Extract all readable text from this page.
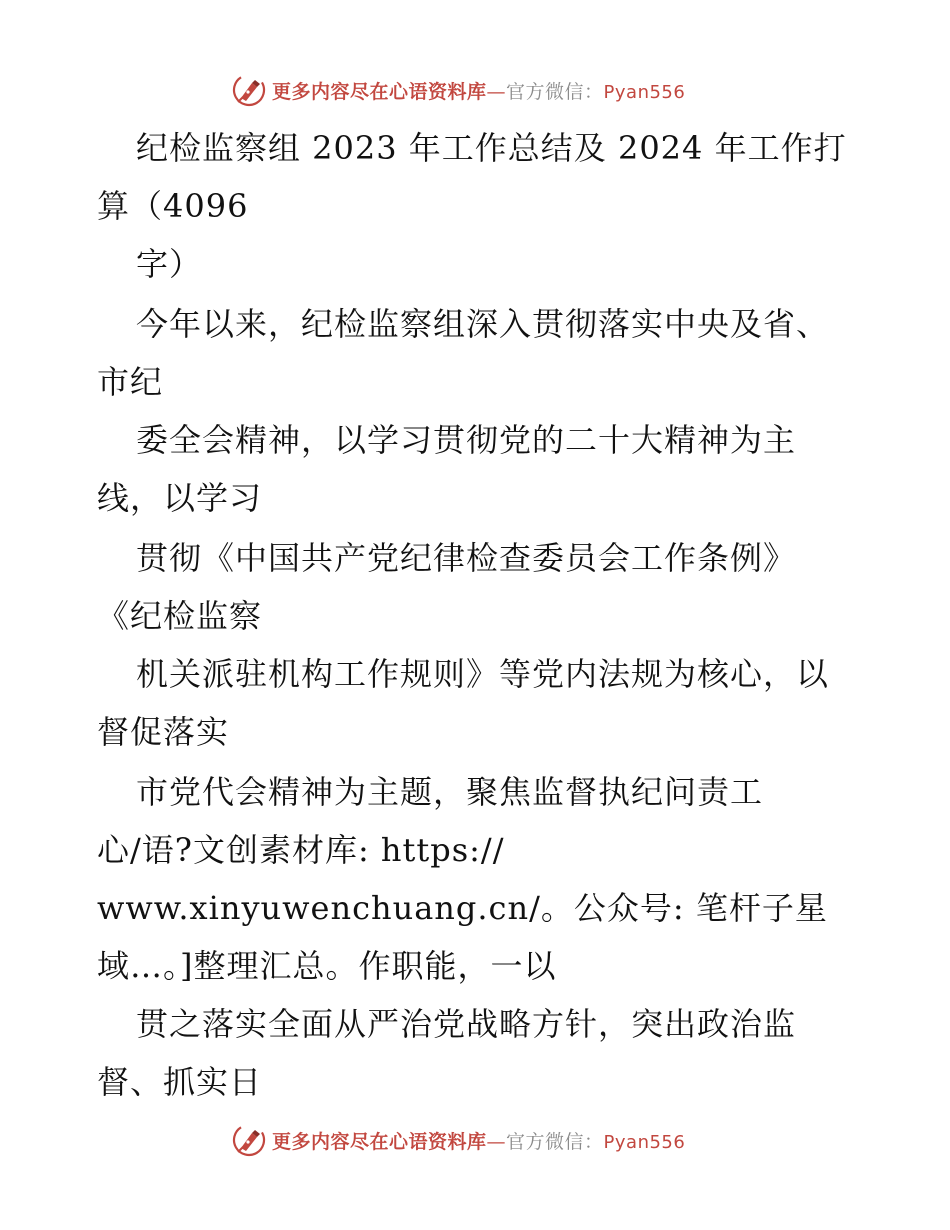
更多内容尽在心语资料库—官方微信：Pyan556
纪检监察组 2023 年工作总结及 2024 年工作打
算（4096
字）
今年以来，纪检监察组深入贯彻落实中央及省、
市纪
委全会精神，以学习贯彻党的二十大精神为主
线，以学习
贯彻《中国共产党纪律检查委员会工作条例》
《纪检监察
机关派驻机构工作规则》等党内法规为核心，以
督促落实
市党代会精神为主题，聚焦监督执纪问责工
心/语?文创素材库: https://
www.xinyuwenchuang.cn/。公众号: 笔杆子星
域…。]整理汇总。作职能，一以
贯之落实全面从严治党战略方针，突出政治监
督、抓实日
更多内容尽在心语资料库—官方微信：Pyan556
